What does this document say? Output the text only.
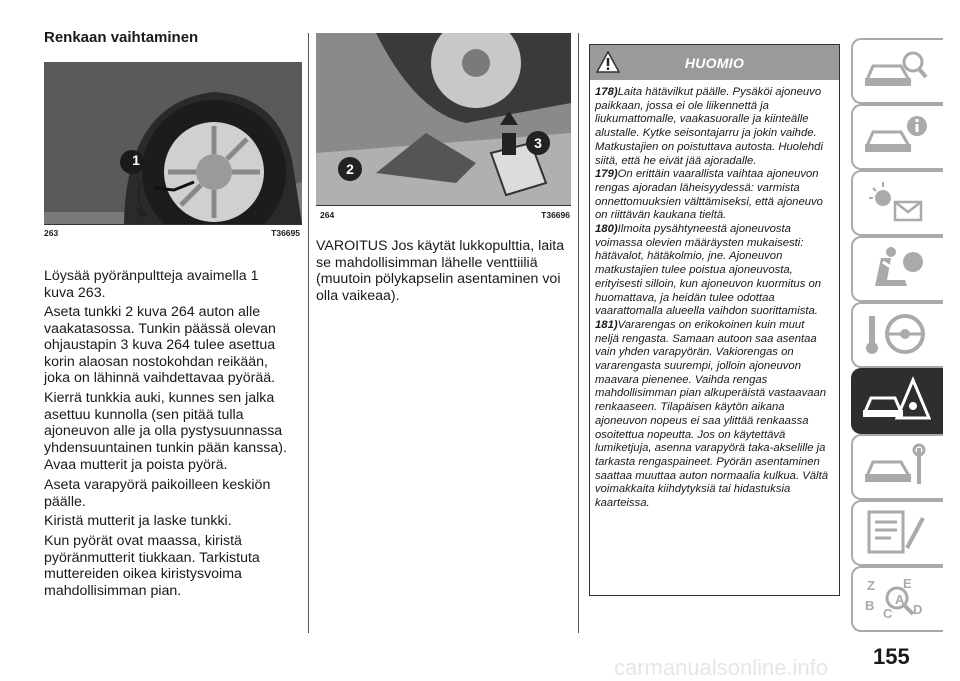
Renkaan vaihtaminen
1
263	T36695
2
3
264	T36696

Löysää pyöränpultteja avaimella 1 kuva 263.

Aseta tunkki 2 kuva 264 auton alle vaakatasossa. Tunkin päässä olevan ohjaustapin 3 kuva 264 tulee asettua korin alaosan nostokohdan reikään, joka on lähinnä vaihdettavaa pyörää.

Kierrä tunkkia auki, kunnes sen jalka asettuu kunnolla (sen pitää tulla ajoneuvon alle ja olla pystysuunnassa yhdensuuntainen tunkin pään kanssa).

Avaa mutterit ja poista pyörä.

Aseta varapyörä paikoilleen keskiön päälle.

Kiristä mutterit ja laske tunkki.

Kun pyörät ovat maassa, kiristä pyöränmutterit tiukkaan. Tarkistuta muttereiden oikea kiristysvoima mahdollisimman pian.

VAROITUS Jos käytät lukkopulttia, laita se mahdollisimman lähelle venttiiliä (muutoin pölykapselin asentaminen voi olla vaikeaa).

HUOMIO

178)Laita hätävilkut päälle. Pysäköi ajoneuvo paikkaan, jossa ei ole liikennettä ja liukumattomalle, vaakasuoralle ja kiinteälle alustalle. Kytke seisontajarru ja jokin vaihde. Matkustajien on poistuttava autosta. Huolehdi siitä, että he eivät jää ajoradalle.

179)On erittäin vaarallista vaihtaa ajoneuvon rengas ajoradan läheisyydessä: varmista onnettomuuksien välttämiseksi, että ajoneuvo on riittävän kaukana tieltä.

180)Ilmoita pysähtyneestä ajoneuvosta voimassa olevien määräysten mukaisesti: hätävalot, hätäkolmio, jne. Ajoneuvon matkustajien tulee poistua ajoneuvosta, erityisesti silloin, kun ajoneuvon kuormitus on huomattava, ja heidän tulee odottaa vaarattomalla alueella vaihdon suorittamista.

181)Vararengas on erikokoinen kuin muut neljä rengasta. Samaan autoon saa asentaa vain yhden varapyörän. Vakiorengas on vararengasta suurempi, jolloin ajoneuvon maavara pienenee. Vaihda rengas mahdollisimman pian alkuperäistä vastaavaan renkaaseen. Tilapäisen käytön aikana ajoneuvon nopeus ei saa ylittää renkaassa osoitettua nopeutta. Jos on käytettävä lumiketjuja, asenna varapyörä taka-akselille ja tarkasta rengaspaineet. Pyörän asentaminen saattaa muuttaa auton normaalia kulkua. Vältä voimakkaita kiihdytyksiä tai hidastuksia kaarteissa.

Z E
B
C D
A
155
carmanualsonline.info
